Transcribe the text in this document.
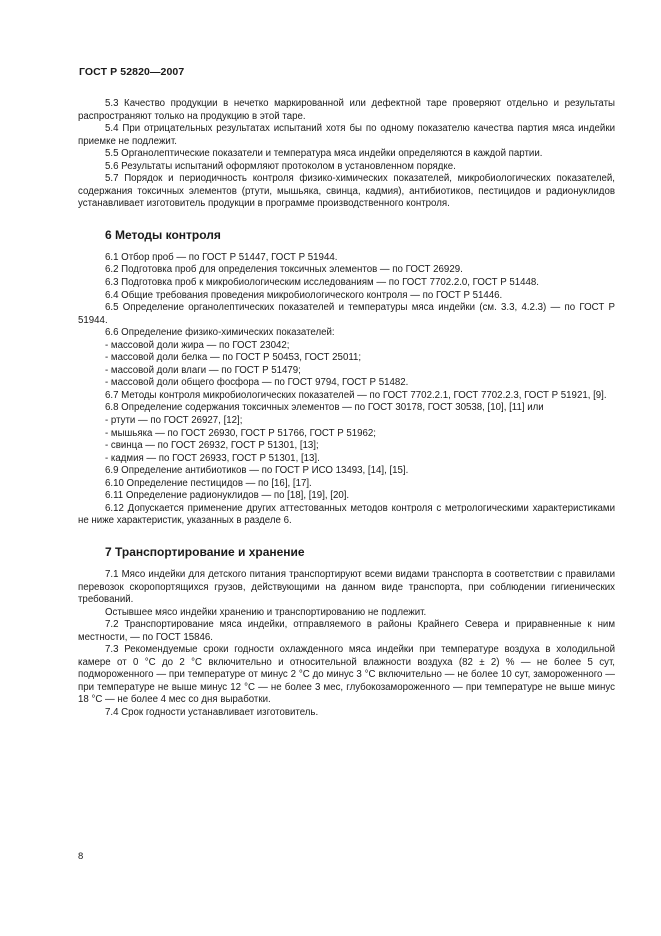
ГОСТ Р 52820—2007

5.3 Качество продукции в нечетко маркированной или дефектной таре проверяют отдельно и результаты распространяют только на продукцию в этой таре.

5.4 При отрицательных результатах испытаний хотя бы по одному показателю качества партия мяса индейки приемке не подлежит.

5.5 Органолептические показатели и температура мяса индейки определяются в каждой партии.

5.6 Результаты испытаний оформляют протоколом в установленном порядке.

5.7 Порядок и периодичность контроля физико-химических показателей, микробиологических показателей, содержания токсичных элементов (ртути, мышьяка, свинца, кадмия), антибиотиков, пестицидов и радионуклидов устанавливает изготовитель продукции в программе производственного контроля.

6 Методы контроля

6.1 Отбор проб — по ГОСТ Р 51447, ГОСТ Р 51944.

6.2 Подготовка проб для определения токсичных элементов — по ГОСТ 26929.

6.3 Подготовка проб к микробиологическим исследованиям — по ГОСТ 7702.2.0, ГОСТ Р 51448.

6.4 Общие требования проведения микробиологического контроля — по ГОСТ Р 51446.

6.5 Определение органолептических показателей и температуры мяса индейки (см. 3.3, 4.2.3) — по ГОСТ Р 51944.

6.6 Определение физико-химических показателей:

- массовой доли жира — по ГОСТ 23042;

- массовой доли белка — по ГОСТ Р 50453, ГОСТ 25011;

- массовой доли влаги — по ГОСТ Р 51479;

- массовой доли общего фосфора — по ГОСТ 9794, ГОСТ Р 51482.

6.7 Методы контроля микробиологических показателей — по ГОСТ 7702.2.1, ГОСТ 7702.2.3, ГОСТ Р 51921, [9].

6.8 Определение содержания токсичных элементов — по ГОСТ 30178, ГОСТ 30538, [10], [11] или

- ртути — по ГОСТ 26927, [12];

- мышьяка — по ГОСТ 26930, ГОСТ Р 51766, ГОСТ Р 51962;

- свинца — по ГОСТ 26932, ГОСТ Р 51301, [13];

- кадмия — по ГОСТ 26933, ГОСТ Р 51301, [13].

6.9 Определение антибиотиков — по ГОСТ Р ИСО 13493, [14], [15].

6.10 Определение пестицидов — по [16], [17].

6.11 Определение радионуклидов — по [18], [19], [20].

6.12 Допускается применение других аттестованных методов контроля с метрологическими характеристиками не ниже характеристик, указанных в разделе 6.

7 Транспортирование и хранение

7.1 Мясо индейки для детского питания транспортируют всеми видами транспорта в соответствии с правилами перевозок скоропортящихся грузов, действующими на данном виде транспорта, при соблюдении гигиенических требований.

Остывшее мясо индейки хранению и транспортированию не подлежит.

7.2 Транспортирование мяса индейки, отправляемого в районы Крайнего Севера и приравненные к ним местности, — по ГОСТ 15846.

7.3 Рекомендуемые сроки годности охлажденного мяса индейки при температуре воздуха в холодильной камере от 0 °С до 2 °С включительно и относительной влажности воздуха (82 ± 2) % — не более 5 сут, подмороженного — при температуре от минус 2 °С до минус 3 °С включительно — не более 10 сут, замороженного — при температуре не выше минус 12 °С — не более 3 мес, глубокозамороженного — при температуре не выше минус 18 °С — не более 4 мес со дня выработки.

7.4 Срок годности устанавливает изготовитель.

8
